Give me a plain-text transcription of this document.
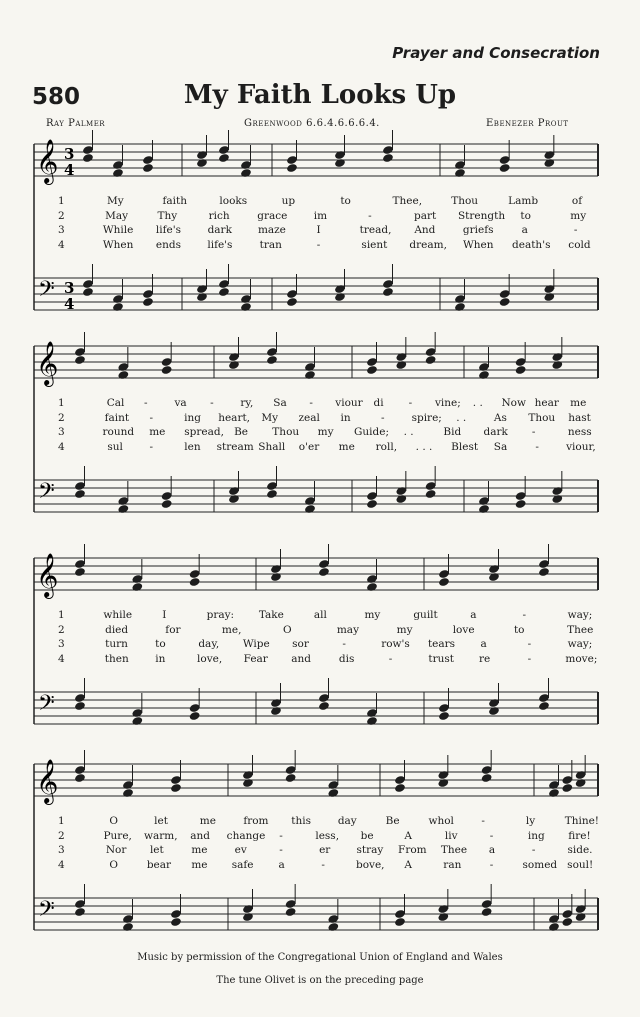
Prayer and Consecration
580	My Faith Looks Up
Ray Palmer	Greenwood 6.6.4.6.6.6.4.	Ebenezer Prout
𝄞 3
4
𝄢 3
4
𝄞
𝄢
𝄞
𝄢
𝄞
𝄢
Music by permission of the Congregational Union of England and Wales
The tune Olivet is on the preceding page
1	My	faith	looks	up	to	Thee,	Thou	Lamb	of
2	May	Thy	rich	grace	im	-	part Strength to	my
3	While life's	dark maze	I	tread, And	griefs	a	-
4	When ends	life's	tran	-	sient dream, When death's cold
1	Cal -	va -	ry, Sa - viour di - vine; . . Now hear me
2	faint -	ing heart, My zeal in	-	spire; . .	As Thou hast
3	round me spread, Be Thou my Guide; . .	Bid dark -	ness
4	sul	-	len stream Shall o'er me roll, . . . Blest Sa	-	viour,
1	while	I	pray: Take	all	my	guilt	a	-	way;
2	died	for	me,	O	may	my	love	to	Thee
3	turn	to	day, Wipe sor	-	row's tears a	-	way;
4	then	in	love, Fear and	dis	-	trust re	-	move;
1	O	let	me	from this	day	Be	whol	-	ly	Thine!
2	Pure, warm, and change -	less, be	A	liv	-	ing fire!
3	Nor let	me	ev	-	er stray From Thee a	-	side.
4	O	bear me safe a	-	bove, A	ran	-	somed soul!
